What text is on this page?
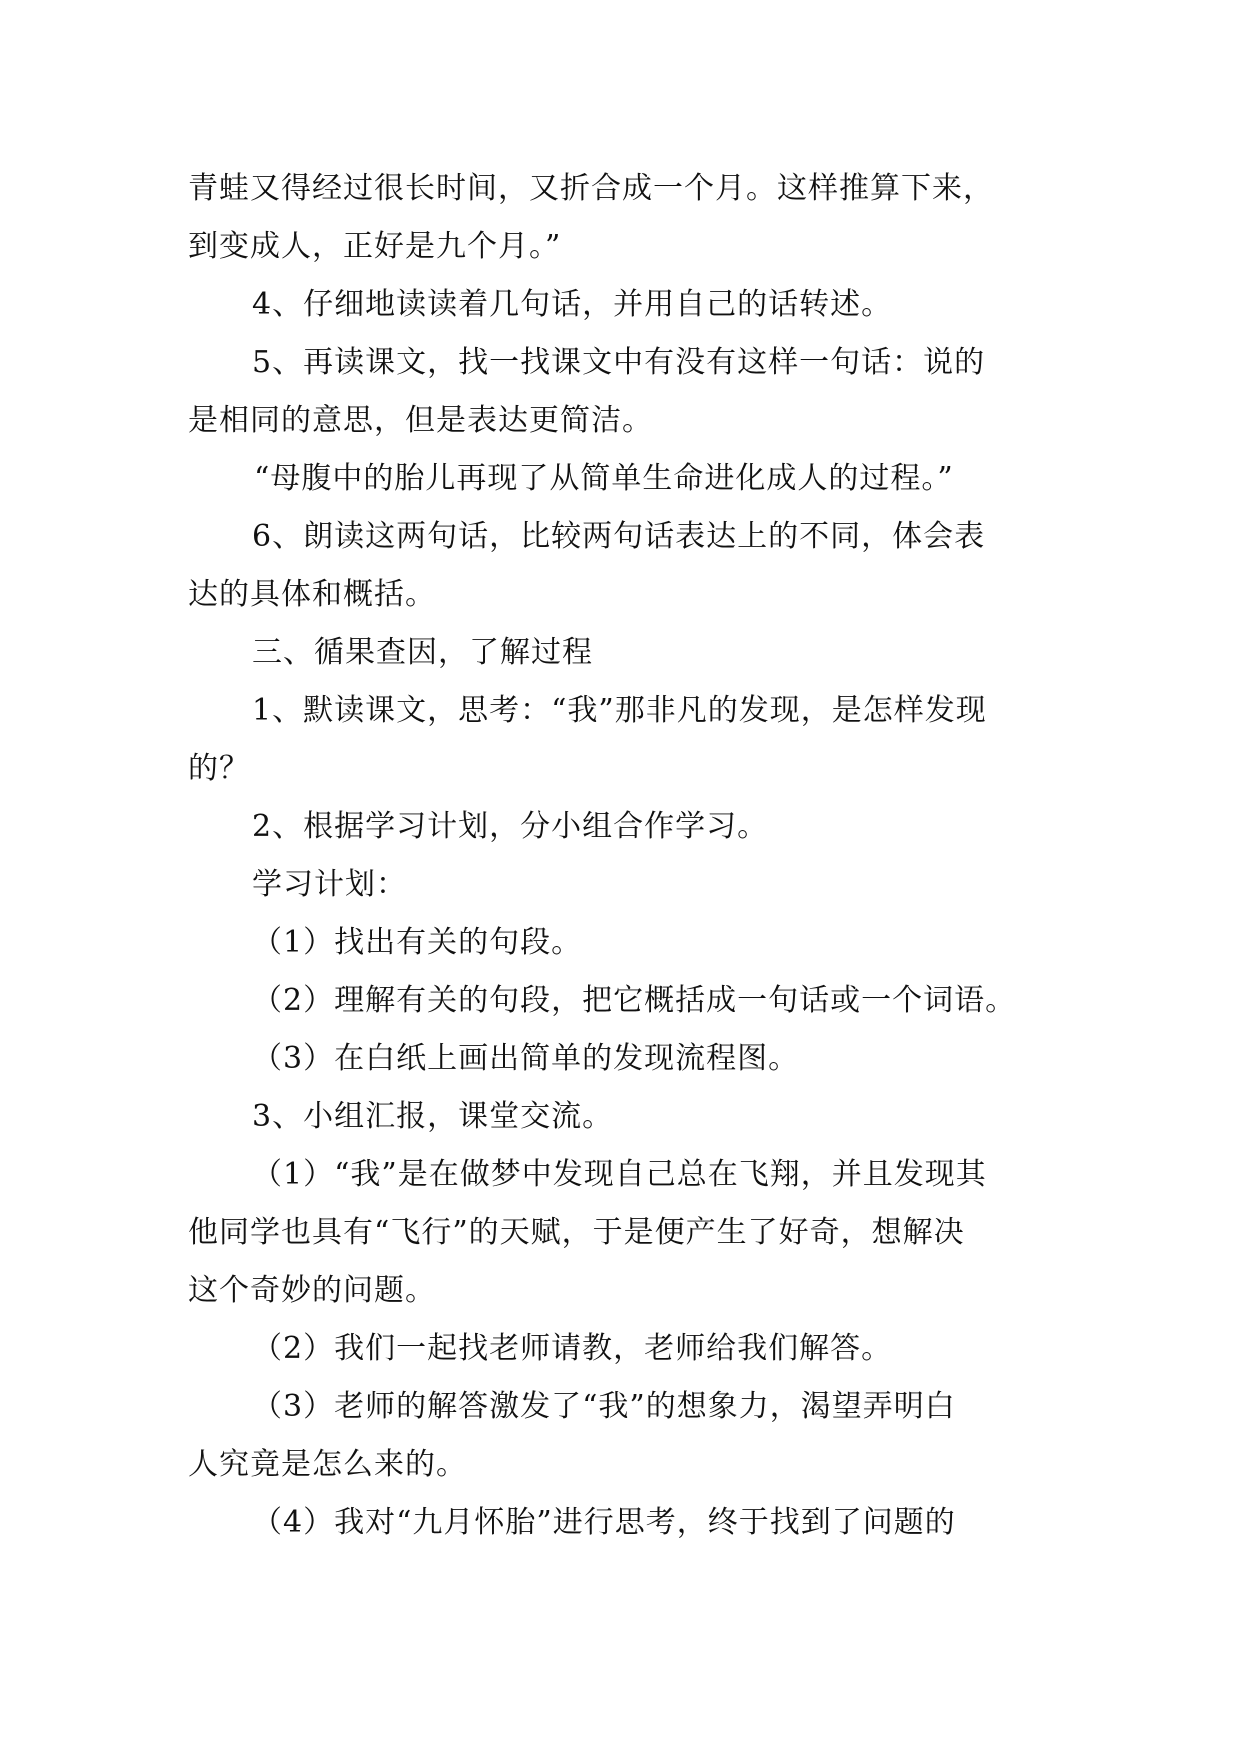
青蛙又得经过很长时间，又折合成一个月。这样推算下来，
到变成人，正好是九个月。”
4、仔细地读读着几句话，并用自己的话转述。
5、再读课文，找一找课文中有没有这样一句话：说的
是相同的意思，但是表达更简洁。
“母腹中的胎儿再现了从简单生命进化成人的过程。”
6、朗读这两句话，比较两句话表达上的不同，体会表
达的具体和概括。
三、循果查因，了解过程
1、默读课文，思考：“我”那非凡的发现，是怎样发现
的？
2、根据学习计划，分小组合作学习。
学习计划：
（1）找出有关的句段。
（2）理解有关的句段，把它概括成一句话或一个词语。
（3）在白纸上画出简单的发现流程图。
3、小组汇报，课堂交流。
（1）“我”是在做梦中发现自己总在飞翔，并且发现其
他同学也具有“飞行”的天赋，于是便产生了好奇，想解决
这个奇妙的问题。
（2）我们一起找老师请教，老师给我们解答。
（3）老师的解答激发了“我”的想象力，渴望弄明白
人究竟是怎么来的。
（4）我对“九月怀胎”进行思考，终于找到了问题的
